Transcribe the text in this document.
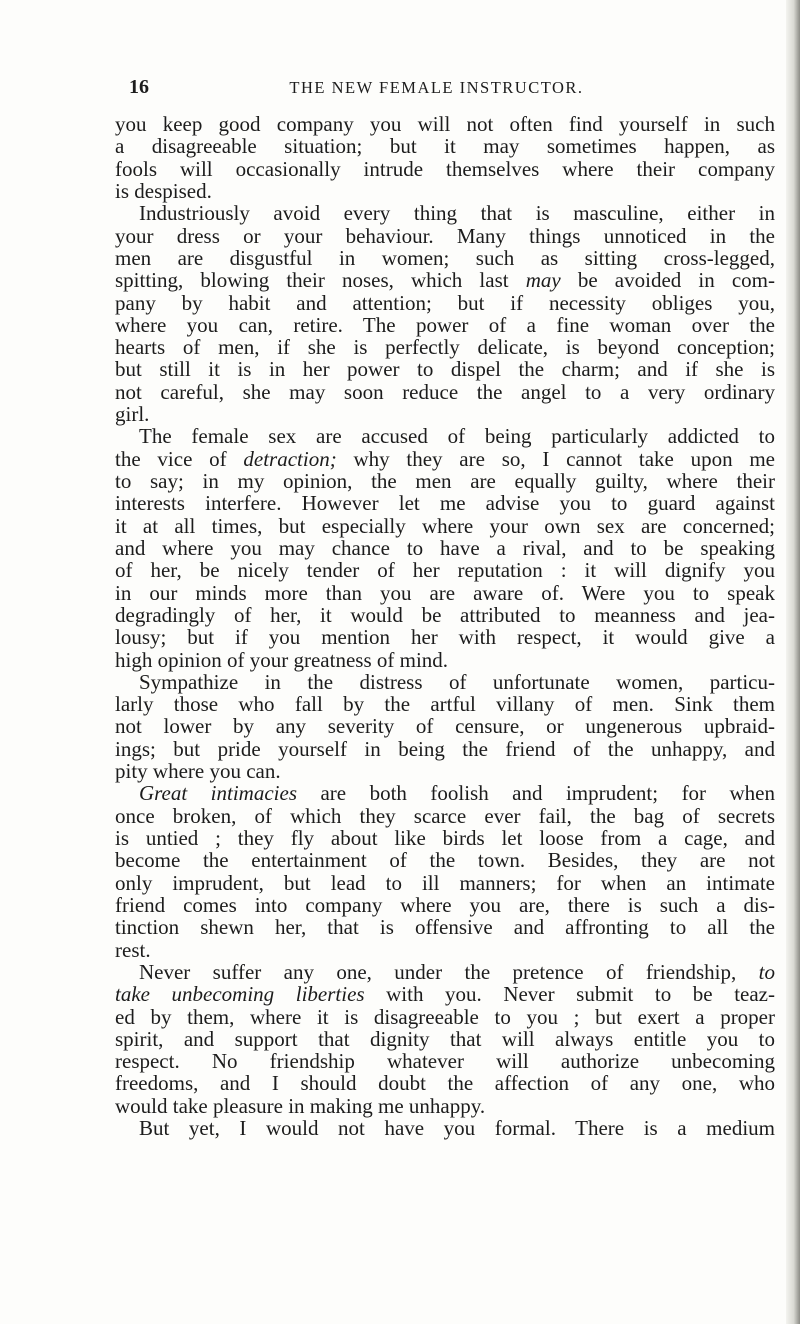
16	THE NEW FEMALE INSTRUCTOR.
you keep good company you will not often find yourself in such
a disagreeable situation; but it may sometimes happen, as
fools will occasionally intrude themselves where their company
is despised.
Industriously avoid every thing that is masculine, either in
your dress or your behaviour. Many things unnoticed in the
men are disgustful in women; such as sitting cross-legged,
spitting, blowing their noses, which last may be avoided in com-
pany by habit and attention; but if necessity obliges you,
where you can, retire. The power of a fine woman over the
hearts of men, if she is perfectly delicate, is beyond conception;
but still it is in her power to dispel the charm; and if she is
not careful, she may soon reduce the angel to a very ordinary
girl.
The female sex are accused of being particularly addicted to
the vice of detraction; why they are so, I cannot take upon me
to say; in my opinion, the men are equally guilty, where their
interests interfere. However let me advise you to guard against
it at all times, but especially where your own sex are concerned;
and where you may chance to have a rival, and to be speaking
of her, be nicely tender of her reputation : it will dignify you
in our minds more than you are aware of. Were you to speak
degradingly of her, it would be attributed to meanness and jea-
lousy; but if you mention her with respect, it would give a
high opinion of your greatness of mind.
Sympathize in the distress of unfortunate women, particu-
larly those who fall by the artful villany of men. Sink them
not lower by any severity of censure, or ungenerous upbraid-
ings; but pride yourself in being the friend of the unhappy, and
pity where you can.
Great intimacies are both foolish and imprudent; for when
once broken, of which they scarce ever fail, the bag of secrets
is untied ; they fly about like birds let loose from a cage, and
become the entertainment of the town. Besides, they are not
only imprudent, but lead to ill manners; for when an intimate
friend comes into company where you are, there is such a dis-
tinction shewn her, that is offensive and affronting to all the
rest.
Never suffer any one, under the pretence of friendship, to
take unbecoming liberties with you. Never submit to be teaz-
ed by them, where it is disagreeable to you ; but exert a proper
spirit, and support that dignity that will always entitle you to
respect. No friendship whatever will authorize unbecoming
freedoms, and I should doubt the affection of any one, who
would take pleasure in making me unhappy.
But yet, I would not have you formal. There is a medium
